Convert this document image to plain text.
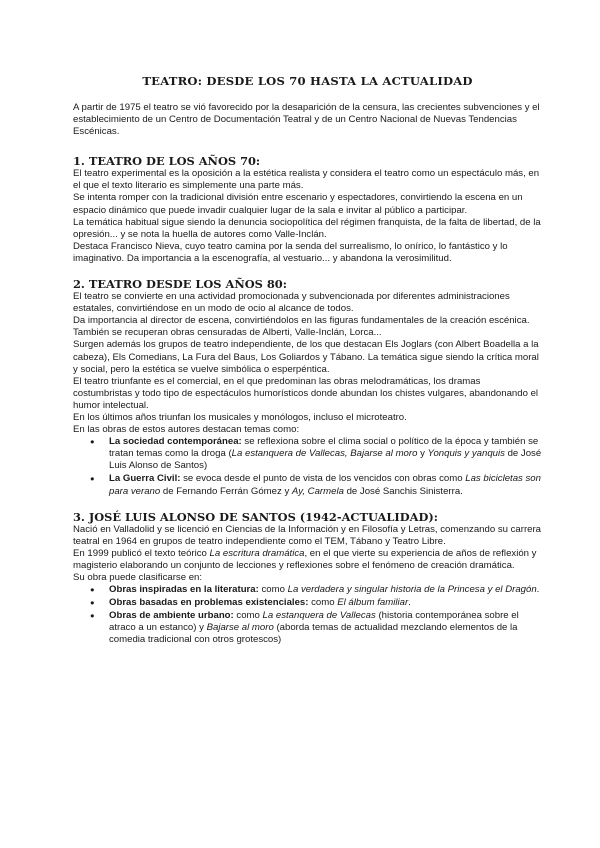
TEATRO: DESDE LOS 70 HASTA LA ACTUALIDAD

A partir de 1975 el teatro se vió favorecido por la desaparición de la censura, las crecientes subvenciones y el establecimiento de un Centro de Documentación Teatral y de un Centro Nacional de Nuevas Tendencias Escénicas.

1. TEATRO DE LOS AÑOS 70:

El teatro experimental es la oposición a la estética realista y considera el teatro como un espectáculo más, en el que el texto literario es simplemente una parte más.

Se intenta romper con la tradicional división entre escenario y espectadores, convirtiendo la escena en un espacio dinámico que puede invadir cualquier lugar de la sala e invitar al público a participar.

La temática habitual sigue siendo la denuncia sociopolítica del régimen franquista, de la falta de libertad, de la opresión... y se nota la huella de autores como Valle-Inclán.

Destaca Francisco Nieva, cuyo teatro camina por la senda del surrealismo, lo onírico, lo fantástico y lo imaginativo. Da importancia a la escenografía, al vestuario... y abandona la verosimilitud.

2. TEATRO DESDE LOS AÑOS 80:

El teatro se convierte en una actividad promocionada y subvencionada por diferentes administraciones estatales, convirtiéndose en un modo de ocio al alcance de todos.

Da importancia al director de escena, convirtiéndolos en las figuras fundamentales de la creación escénica.

También se recuperan obras censuradas de Alberti, Valle-Inclán, Lorca...

Surgen además los grupos de teatro independiente, de los que destacan Els Joglars (con Albert Boadella a la cabeza), Els Comedians, La Fura del Baus, Los Goliardos y Tábano. La temática sigue siendo la crítica moral y social, pero la estética se vuelve simbólica o esperpéntica.

El teatro triunfante es el comercial, en el que predominan las obras melodramáticas, los dramas costumbristas y todo tipo de espectáculos humorísticos donde abundan los chistes vulgares, abandonando el humor intelectual.

En los últimos años triunfan los musicales y monólogos, incluso el microteatro.

En las obras de estos autores destacan temas como:

● La sociedad contemporánea: se reflexiona sobre el clima social o político de la época y también se tratan temas como la droga (La estanquera de Vallecas, Bajarse al moro y Yonquis y yanquis de José Luis Alonso de Santos)
● La Guerra Civil: se evoca desde el punto de vista de los vencidos con obras como Las bicicletas son para verano de Fernando Ferrán Gómez y Ay, Carmela de José Sanchis Sinisterra.
3. JOSÉ LUIS ALONSO DE SANTOS (1942-ACTUALIDAD):

Nació en Valladolid y se licenció en Ciencias de la Información y en Filosofía y Letras, comenzando su carrera teatral en 1964 en grupos de teatro independiente como el TEM, Tábano y Teatro Libre.

En 1999 publicó el texto teórico La escritura dramática, en el que vierte su experiencia de años de reflexión y magisterio elaborando un conjunto de lecciones y reflexiones sobre el fenómeno de creación dramática.

Su obra puede clasificarse en:

● Obras inspiradas en la literatura: como La verdadera y singular historia de la Princesa y el Dragón.
● Obras basadas en problemas existenciales: como El álbum familiar.
● Obras de ambiente urbano: como La estanquera de Vallecas (historia contemporánea sobre el atraco a un estanco) y Bajarse al moro (aborda temas de actualidad mezclando elementos de la comedia tradicional con otros grotescos)
